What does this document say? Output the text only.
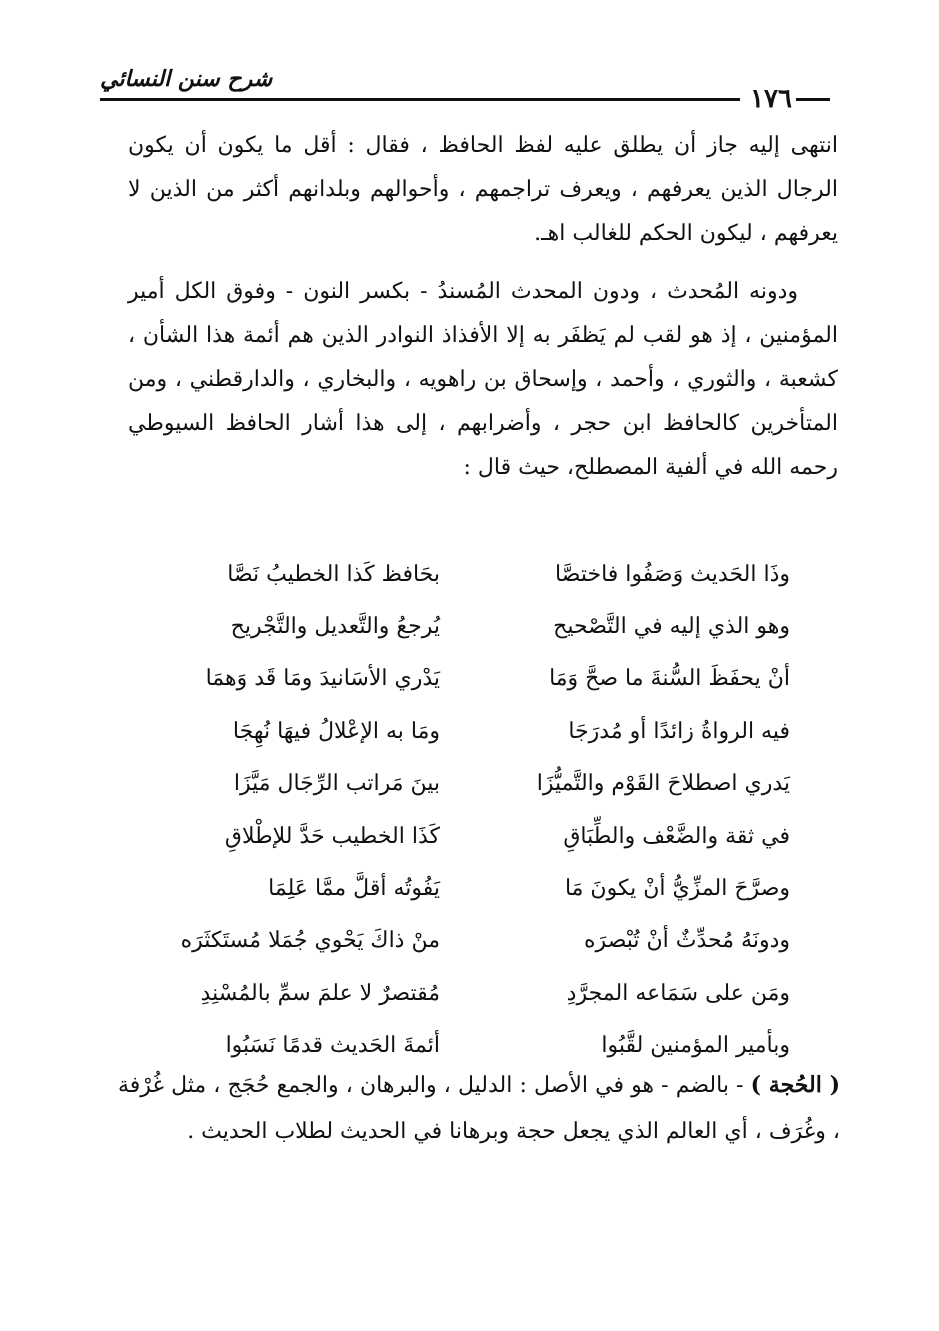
شرح سنن النسائي
١٧٦

انتهى إليه جاز أن يطلق عليه لفظ الحافظ ، فقال : أقل ما يكون أن يكون الرجال الذين يعرفهم ، ويعرف تراجمهم ، وأحوالهم وبلدانهم أكثر من الذين لا يعرفهم ، ليكون الحكم للغالب اهـ.

ودونه المُحدث ، ودون المحدث المُسندُ - بكسر النون - وفوق الكل أمير المؤمنين ، إذ هو لقب لم يَظفَر به إلا الأفذاذ النوادر الذين هم أئمة هذا الشأن ، كشعبة ، والثوري ، وأحمد ، وإسحاق بن راهويه ، والبخاري ، والدارقطني ، ومن المتأخرين كالحافظ ابن حجر ، وأضرابهم ، إلى هذا أشار الحافظ السيوطي رحمه الله في ألفية المصطلح، حيث قال :

وذَا الحَديث وَصَفُوا فاختصَّا
بحَافظ كَذا الخطيبُ نَصَّا
وهو الذي إليه في التَّصْحيح
يُرجعُ والتَّعديل والتَّجْريح
أنْ يحفَظَ السُّنةَ ما صحَّ وَمَا
يَدْري الأسَانيدَ ومَا قَد وَهمَا
فيه الرواةُ زائدًا أو مُدرَجَا
ومَا به الإعْلالُ فيهَا نُهِجَا
يَدري اصطلاحَ القَوْم والتَّميُّزَا
بينَ مَراتب الرِّجَال مَيَّزَا
في ثقة والضَّعْف والطِّبَاقِ
كَذَا الخطيب حَدَّ للإطْلاقِ
وصرَّحَ المزِّيُّ أنْ يكونَ مَا
يَفُوتُه أقلَّ ممَّا عَلِمَا
ودونَهُ مُحدِّثٌ أنْ تُبْصرَه
منْ ذاكَ يَحْوي جُمَلا مُستَكثَرَه
ومَن على سَمَاعه المجرَّدِ
مُقتصرٌ لا علمَ سمِّ بالمُسْنِدِ
وبأمير المؤمنين لقَّبُوا
أئمةَ الحَديث قدمًا نَسَبُوا
( الحُجة ) - بالضم - هو في الأصل : الدليل ، والبرهان ، والجمع حُجَج ، مثل غُرْفة ، وغُرَف ، أي العالم الذي يجعل حجة وبرهانا في الحديث لطلاب الحديث .
